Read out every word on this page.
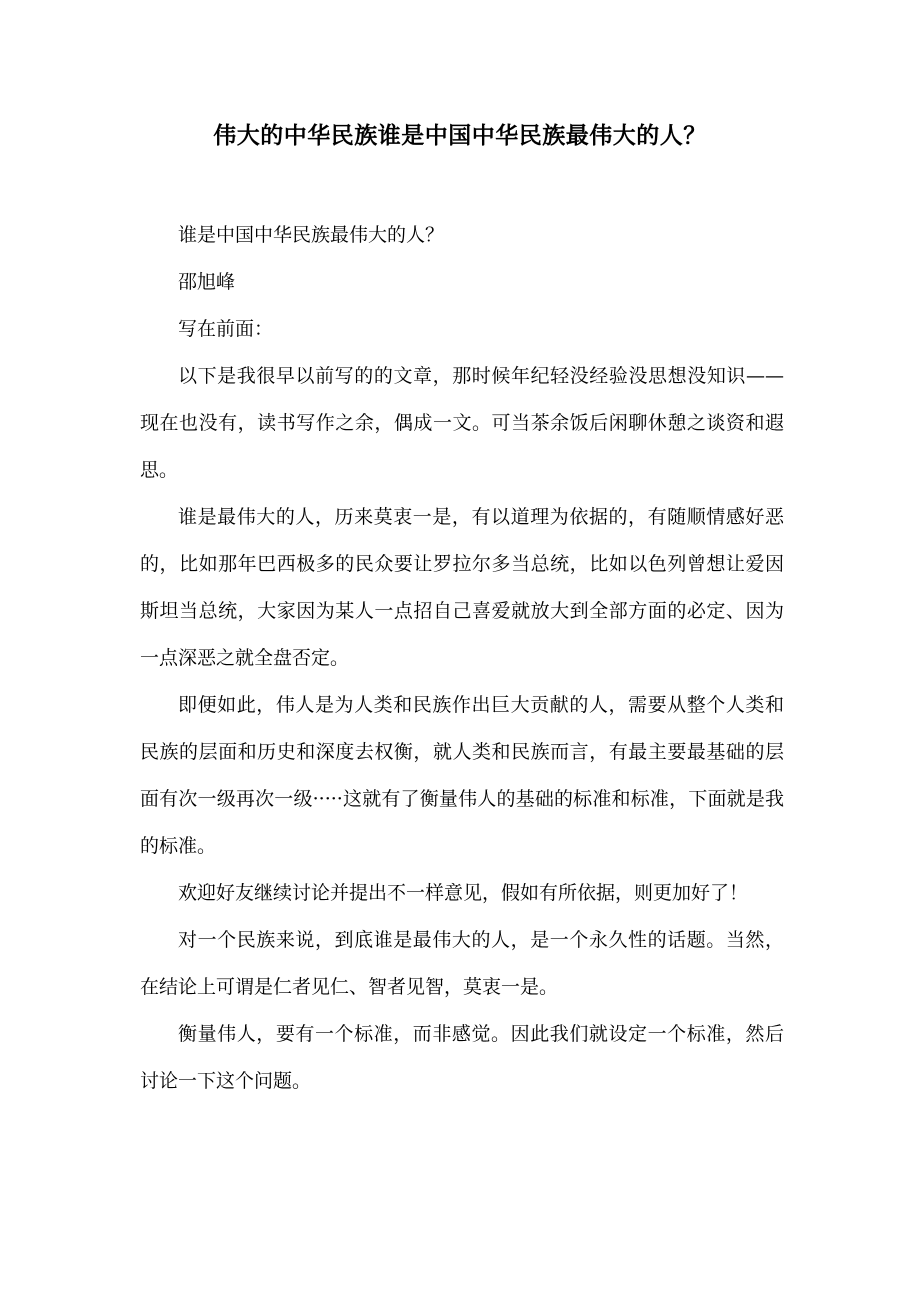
伟大的中华民族谁是中国中华民族最伟大的人？

谁是中国中华民族最伟大的人？

邵旭峰

写在前面：

以下是我很早以前写的的文章，那时候年纪轻没经验没思想没知识——现在也没有，读书写作之余，偶成一文。可当茶余饭后闲聊休憩之谈资和遐思。

谁是最伟大的人，历来莫衷一是，有以道理为依据的，有随顺情感好恶的，比如那年巴西极多的民众要让罗拉尔多当总统，比如以色列曾想让爱因斯坦当总统，大家因为某人一点招自己喜爱就放大到全部方面的必定、因为一点深恶之就全盘否定。

即便如此，伟人是为人类和民族作出巨大贡献的人，需要从整个人类和民族的层面和历史和深度去权衡，就人类和民族而言，有最主要最基础的层面有次一级再次一级·····这就有了衡量伟人的基础的标准和标准，下面就是我的标准。

欢迎好友继续讨论并提出不一样意见，假如有所依据，则更加好了！

对一个民族来说，到底谁是最伟大的人，是一个永久性的话题。当然，在结论上可谓是仁者见仁、智者见智，莫衷一是。

衡量伟人，要有一个标准，而非感觉。因此我们就设定一个标准，然后讨论一下这个问题。
